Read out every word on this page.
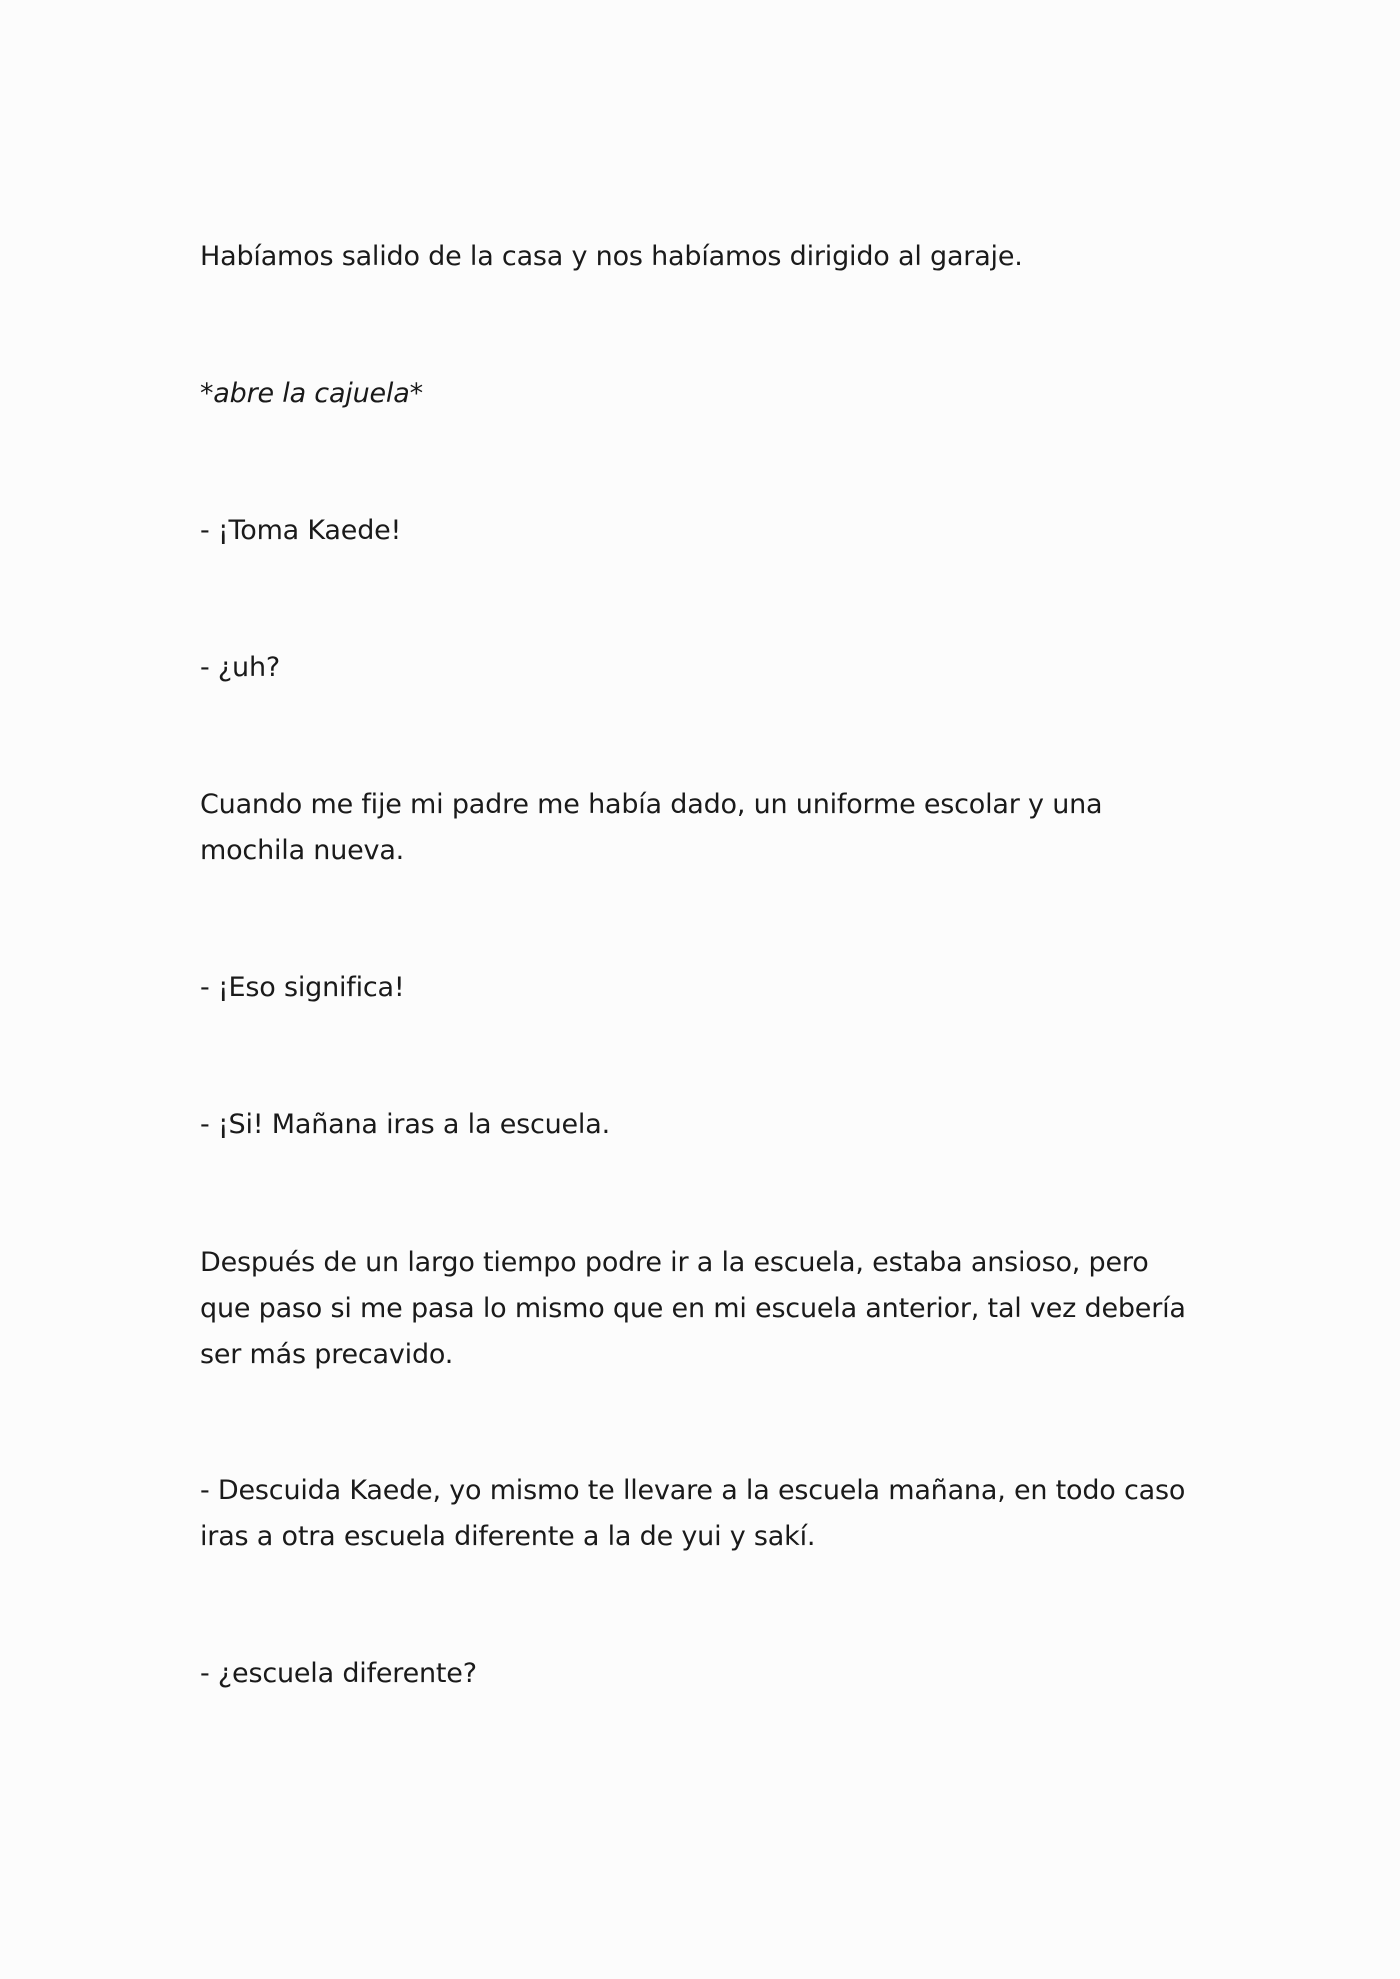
Habíamos salido de la casa y nos habíamos dirigido al garaje.

*abre la cajuela*

- ¡Toma Kaede!

- ¿uh?

Cuando me fije mi padre me había dado, un uniforme escolar y una mochila nueva.

- ¡Eso significa!

- ¡Si! Mañana iras a la escuela.

Después de un largo tiempo podre ir a la escuela, estaba ansioso, pero que paso si me pasa lo mismo que en mi escuela anterior, tal vez debería ser más precavido.

- Descuida Kaede, yo mismo te llevare a la escuela mañana, en todo caso iras a otra escuela diferente a la de yui y sakí.

- ¿escuela diferente?
